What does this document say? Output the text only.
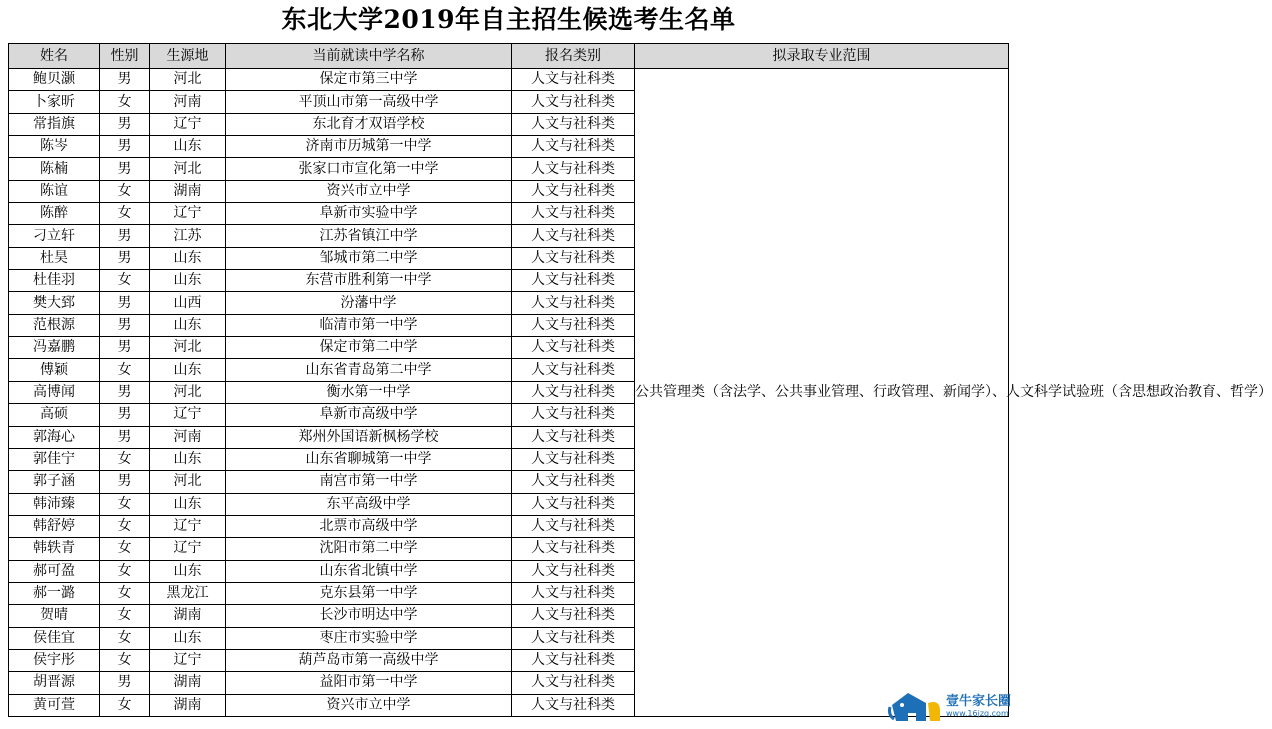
东北大学2019年自主招生候选考生名单
姓名	性别	生源地	当前就读中学名称	报名类别	拟录取专业范围
鲍贝灏	男	河北	保定市第三中学	人文与社科类	公共管理类（含法学、公共事业管理、行政管理、新闻学）、人文科学试验班（含思想政治教育、哲学）
卜家昕	女	河南	平顶山市第一高级中学	人文与社科类	
常指旗	男	辽宁	东北育才双语学校	人文与社科类	
陈岑	男	山东	济南市历城第一中学	人文与社科类	
陈楠	男	河北	张家口市宣化第一中学	人文与社科类	
陈谊	女	湖南	资兴市立中学	人文与社科类	
陈醉	女	辽宁	阜新市实验中学	人文与社科类	
刁立轩	男	江苏	江苏省镇江中学	人文与社科类	
杜昊	男	山东	邹城市第二中学	人文与社科类	
杜佳羽	女	山东	东营市胜利第一中学	人文与社科类	
樊大郅	男	山西	汾藩中学	人文与社科类	
范根源	男	山东	临清市第一中学	人文与社科类	
冯嘉鹏	男	河北	保定市第二中学	人文与社科类	
傅颖	女	山东	山东省青岛第二中学	人文与社科类	
高博闻	男	河北	衡水第一中学	人文与社科类	
高硕	男	辽宁	阜新市高级中学	人文与社科类	
郭海心	男	河南	郑州外国语新枫杨学校	人文与社科类	
郭佳宁	女	山东	山东省聊城第一中学	人文与社科类	
郭子涵	男	河北	南宫市第一中学	人文与社科类	
韩沛臻	女	山东	东平高级中学	人文与社科类	
韩舒婷	女	辽宁	北票市高级中学	人文与社科类	
韩轶青	女	辽宁	沈阳市第二中学	人文与社科类	
郝可盈	女	山东	山东省北镇中学	人文与社科类	
郝一潞	女	黑龙江	克东县第一中学	人文与社科类	
贺晴	女	湖南	长沙市明达中学	人文与社科类	
侯佳宜	女	山东	枣庄市实验中学	人文与社科类	
侯宇彤	女	辽宁	葫芦岛市第一高级中学	人文与社科类	
胡晋源	男	湖南	益阳市第一中学	人文与社科类	
黄可萱	女	湖南	资兴市立中学	人文与社科类		壹牛家长圈
www.16jzq.com
